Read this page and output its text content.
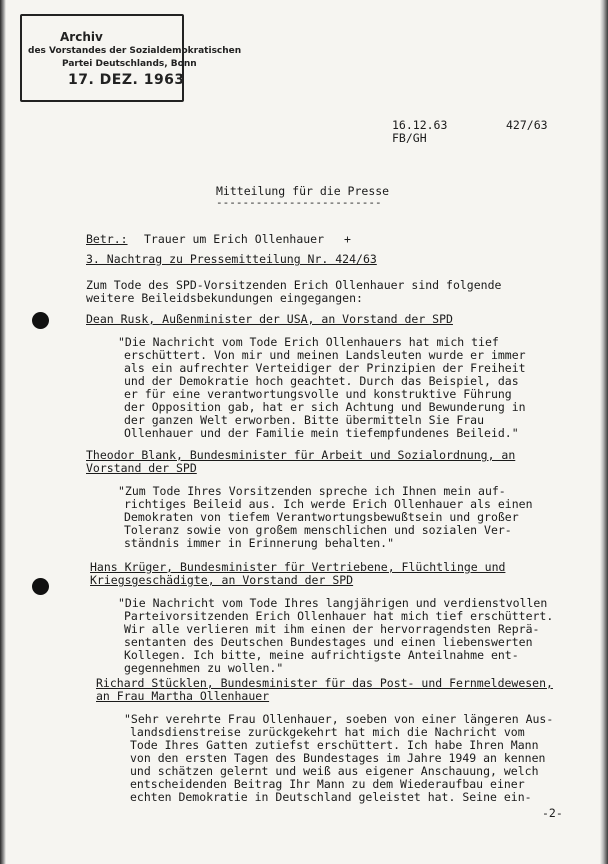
Archiv
des Vorstandes der Sozialdemokratischen
Partei Deutschlands, Bonn
17. DEZ. 1963
16.12.63	427/63
FB/GH
Mitteilung für die Presse
-------------------------
Betr.: Trauer um Erich Ollenhauer +
3. Nachtrag zu Pressemitteilung Nr. 424/63
Zum Tode des SPD-Vorsitzenden Erich Ollenhauer sind folgende
weitere Beileidsbekundungen eingegangen:
Dean Rusk, Außenminister der USA, an Vorstand der SPD
"Die Nachricht vom Tode Erich Ollenhauers hat mich tief
erschüttert. Von mir und meinen Landsleuten wurde er immer
als ein aufrechter Verteidiger der Prinzipien der Freiheit
und der Demokratie hoch geachtet. Durch das Beispiel, das
er für eine verantwortungsvolle und konstruktive Führung
der Opposition gab, hat er sich Achtung und Bewunderung in
der ganzen Welt erworben. Bitte übermitteln Sie Frau
Ollenhauer und der Familie mein tiefempfundenes Beileid."
Theodor Blank, Bundesminister für Arbeit und Sozialordnung, an
Vorstand der SPD
"Zum Tode Ihres Vorsitzenden spreche ich Ihnen mein auf-
richtiges Beileid aus. Ich werde Erich Ollenhauer als einen
Demokraten von tiefem Verantwortungsbewußtsein und großer
Toleranz sowie von großem menschlichen und sozialen Ver-
ständnis immer in Erinnerung behalten."
Hans Krüger, Bundesminister für Vertriebene, Flüchtlinge und
Kriegsgeschädigte, an Vorstand der SPD
"Die Nachricht vom Tode Ihres langjährigen und verdienstvollen
Parteivorsitzenden Erich Ollenhauer hat mich tief erschüttert.
Wir alle verlieren mit ihm einen der hervorragendsten Reprä-
sentanten des Deutschen Bundestages und einen liebenswerten
Kollegen. Ich bitte, meine aufrichtigste Anteilnahme ent-
gegennehmen zu wollen."
Richard Stücklen, Bundesminister für das Post- und Fernmeldewesen,
an Frau Martha Ollenhauer
"Sehr verehrte Frau Ollenhauer, soeben von einer längeren Aus-
landsdienstreise zurückgekehrt hat mich die Nachricht vom
Tode Ihres Gatten zutiefst erschüttert. Ich habe Ihren Mann
von den ersten Tagen des Bundestages im Jahre 1949 an kennen
und schätzen gelernt und weiß aus eigener Anschauung, welch
entscheidenden Beitrag Ihr Mann zu dem Wiederaufbau einer
echten Demokratie in Deutschland geleistet hat. Seine ein-
-2-
